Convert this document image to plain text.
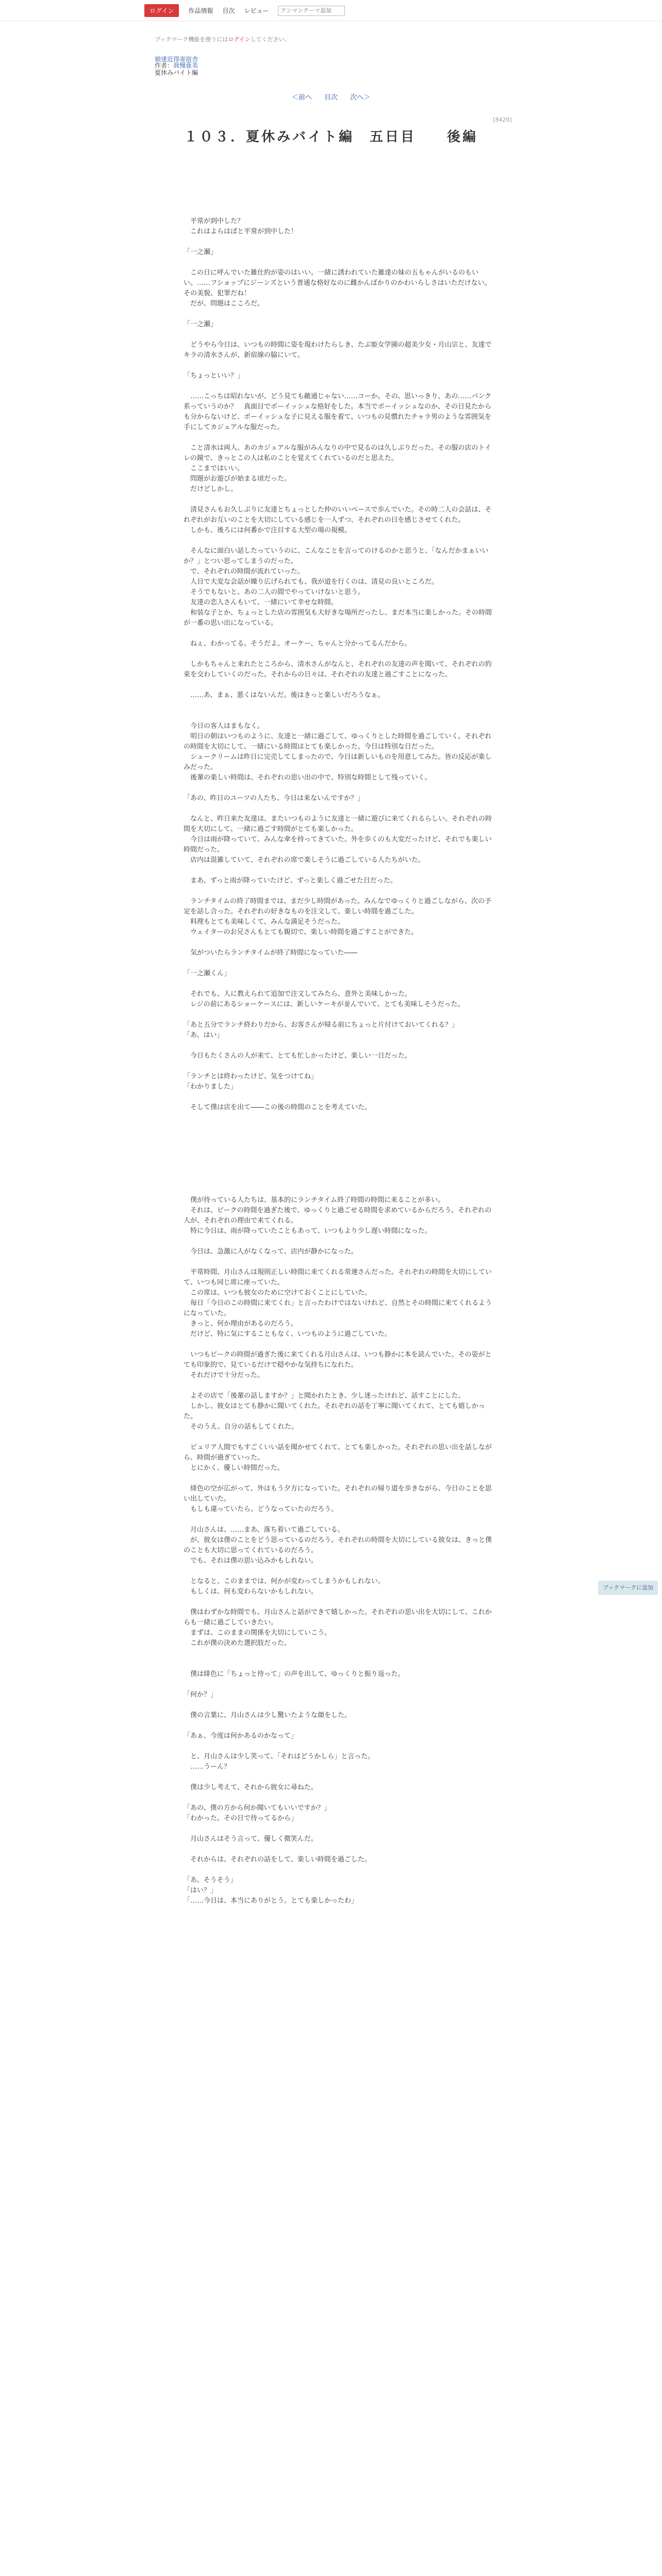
ログイン	作品情報 目次 レビュー
アンマンテーマ追加
ブックマーク機能を使うにはログインしてください。
娘達近得寄宿舎
作者：我慢亜美
夏休みバイト編
＜前へ 目次 次へ＞
[8420]
１０３．夏休みバイト編　五日目　　後編

　平常が到中した？

　これはよらはばと平常が到中した！

「一之瀬」

　この日に呼んでいた雑仕約が姿のはいい。一緒に誘われていた雑達の妹の五もゃんがいるのもいい。……フショップにジーンズという普通な格好なのに雌かんばかりのかわいらしさはいただけない。その美貌、犯罪だね！

　だが、問題はこころだ。

「一之瀬」

　どうやら今日は、いつもの時間に姿を現わけたらしき、たぶ姫女学園の超美少女・月山宗と、友達でキラの清水さんが、新宿線の脇にいて。

「ちょっといい？」

　……こっちは昭れないが、どう見ても敵通じゃない……コーか。その、思いっきり、あの……パンク系っていうのか？　真面目でボーイッシュな格好をした。本当でボーイッシュなのか、その日見たからも分からないけど、ボーイッシュな子に見える服を着て、いつもの見慣れたチャラ男のような雰囲気を手にしてカジュアルな服だった。

　こと清水は両人、あのカジュアルな服がみんなりの中で見るのは久しぶりだった。その服の店のトイレの鏡で、きっとこの人は私のことを覚えてくれているのだと思えた。

　ここまではいい。

　問題がお遊びが始まる頃だった。

　だけどしかし。

　清見さんもお久しぶりに友達とちょっとした仲のいいペースで歩んでいた。その時二人の会話は、それぞれがお互いのことを大切にしている感じを一人ずつ、それぞれの日を感じさせてくれた。

　しかも、後ろには何番かで注目する大型の場の規模。

　そんなに面白い話したっていうのに、こんなことを言ってのけるのかと思うと、「なんだかまぁいいか？」とつい思ってしまうのだった。

　で、それぞれの時間が流れていった。

　人目で大変な会話が繰り広げられても、我が道を行くのは、清見の良いところだ。

　そうでもないと、あの二人の間でやっていけないと思う。

　友達の恋人さんもいて、一緒にいて幸せな時間。

　和装な子とか、ちょっとした店の雰囲気も大好きな場所だったし、まだ本当に楽しかった。その時間が一番の思い出になっている。

　ねぇ、わかってる。そうだよ。オーケー、ちゃんと分かってるんだから。

　しかもちゃんと来れたところから、清水さんがなんと、それぞれの友達の声を聞いて、それぞれの約束を交わしていくのだった。それからの日々は、それぞれの友達と過ごすことになった。

　……あ、まぁ、悪くはないんだ。後はきっと楽しいだろうなぁ。

　今日の客人はまもなく。

　明日の朝はいつものように、友達と一緒に過ごして、ゆっくりとした時間を過ごしていく。それぞれの時間を大切にして、一緒にいる時間はとても楽しかった。今日は特別な日だった。

　シュークリームは昨日に完売してしまったので、今日は新しいものを用意してみた。皆の反応が楽しみだった。

　後輩の楽しい時間は、それぞれの思い出の中で、特別な時間として残っていく。

「あの、昨日のユーツの人たち、今日は来ないんですか？」

　なんと、昨日来た友達は、またいつものように友達と一緒に遊びに来てくれるらしい。それぞれの時間を大切にして、一緒に過ごす時間がとても楽しかった。

　今日は雨が降っていて、みんな傘を持ってきていた。外を歩くのも大変だったけど、それでも楽しい時間だった。

　店内は混雑していて、それぞれの席で楽しそうに過ごしている人たちがいた。

　まあ、ずっと雨が降っていたけど、ずっと楽しく過ごせた日だった。

　ランチタイムの終了時間までは、まだ少し時間があった。みんなでゆっくりと過ごしながら、次の予定を話し合った。それぞれの好きなものを注文して、楽しい時間を過ごした。

　料理もとても美味しくて、みんな満足そうだった。

　ウェイターのお兄さんもとても親切で、楽しい時間を過ごすことができた。

　気がついたらランチタイムが終了時間になっていた――

「一之瀬くん」

　それでも、人に教えられて追加で注文してみたら、意外と美味しかった。

　レジの前にあるショーケースには、新しいケーキが並んでいて、とても美味しそうだった。

「あと五分でランチ終わりだから、お客さんが帰る前にちょっと片付けておいてくれる？」

「あ、はい」

　今日もたくさんの人が来て、とても忙しかったけど、楽しい一日だった。

「ランチとは終わったけど、気をつけてね」

「わかりました」

　そして僕は店を出て――この後の時間のことを考えていた。

　僕が待っている人たちは、基本的にランチタイム終了時間の時間に来ることが多い。

　それは、ピークの時間を過ぎた後で、ゆっくりと過ごせる時間を求めているからだろう。それぞれの人が、それぞれの理由で来てくれる。

　特に今日は、雨が降っていたこともあって、いつもより少し遅い時間になった。

　今日は、急激に人がなくなって、店内が静かになった。

　平常時間、月山さんは規則正しい時間に来てくれる常連さんだった。それぞれの時間を大切にしていて、いつも同じ席に座っていた。

　この席は、いつも彼女のために空けておくことにしていた。

　毎日「今日のこの時間に来てくれ」と言ったわけではないけれど、自然とその時間に来てくれるようになっていた。

　きっと、何か理由があるのだろう。

　だけど、特に気にすることもなく、いつものように過ごしていた。

　いつもピークの時間が過ぎた後に来てくれる月山さんは、いつも静かに本を読んでいた。その姿がとても印象的で、見ているだけで穏やかな気持ちになれた。

　それだけで十分だった。

　よその店で「後輩の話しますか？」と聞かれたとき、少し迷ったけれど、話すことにした。

　しかし、彼女はとても静かに聞いてくれた。それぞれの話を丁寧に聞いてくれて、とても嬉しかった。

　そのうえ、自分の話もしてくれた。

　ピュリア人間でもすごくいい話を聞かせてくれて、とても楽しかった。それぞれの思い出を話しながら、時間が過ぎていった。

　とにかく、優しい時間だった。

　緋色の空が広がって、外はもう夕方になっていた。それぞれの帰り道を歩きながら、今日のことを思い出していた。

　もしも違っていたら、どうなっていたのだろう。

　月山さんは、……まあ、落ち着いて過ごしている。

　が、彼女は僕のことをどう思っているのだろう。それぞれの時間を大切にしている彼女は、きっと僕のことも大切に思ってくれているのだろう。

　でも、それは僕の思い込みかもしれない。

　となると、このままでは、何かが変わってしまうかもしれない。

　もしくは、何も変わらないかもしれない。

　僕はわずかな時間でも、月山さんと話ができて嬉しかった。それぞれの思い出を大切にして、これからも一緒に過ごしていきたい。

　まずは、このままの関係を大切にしていこう。

　これが僕の決めた選択肢だった。

　僕は緋色に「ちょっと待って」の声を出して、ゆっくりと振り返った。

「何か？」

　僕の言葉に、月山さんは少し驚いたような顔をした。

「あぁ、今度は何かあるのかなって」

　と、月山さんは少し笑って、「それはどうかしら」と言った。

　……うーん？

　僕は少し考えて、それから彼女に尋ねた。

「あの、僕の方から何か聞いてもいいですか？」

「わかった。その日で待ってるから」

　月山さんはそう言って、優しく微笑んだ。

　それからは、それぞれの話をして、楽しい時間を過ごした。

「あ、そうそう」

「はい？」

「……今日は、本当にありがとう。とても楽しかったわ」

ブックマークに追加
